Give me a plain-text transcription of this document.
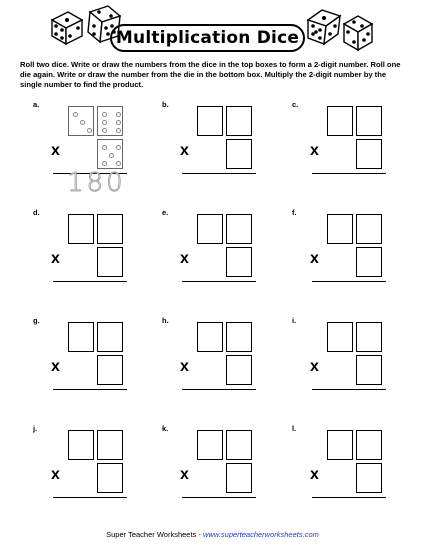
Multiplication Dice
Roll two dice. Write or draw the numbers from the dice in the top boxes to form a 2-digit number. Roll one die again. Write or draw the number from the die in the bottom box. Multiply the 2-digit number by the single number to find the product.
a.
x
180
b.
x
c.
x
d.
x
e.
x
f.
x
g.
x
h.
x
i.
x
j.
x
k.
x
l.
x
Super Teacher Worksheets - www.superteacherworksheets.com
